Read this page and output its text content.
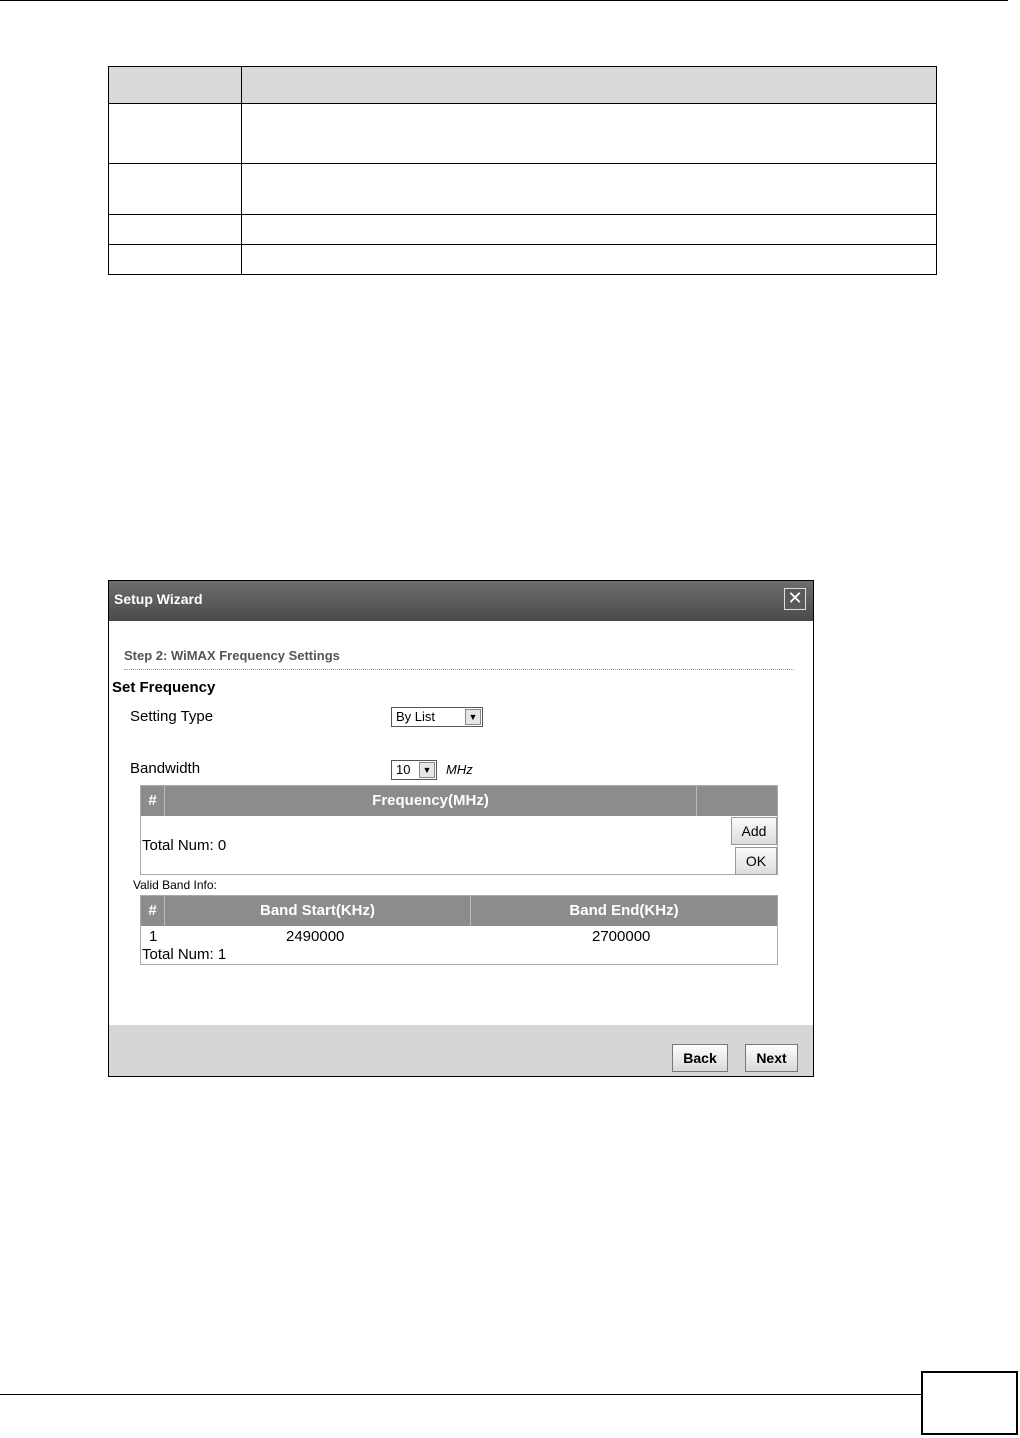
Setup Wizard	✕
Step 2: WiMAX Frequency Settings
Set Frequency
Setting Type	By List	▼
Bandwidth	10	▼ MHz
#	Frequency(MHz)
Total Num: 0
Add
OK
Valid Band Info:
#	Band Start(KHz)	Band End(KHz)
1	2490000	2700000
Total Num: 1
Back	Next
